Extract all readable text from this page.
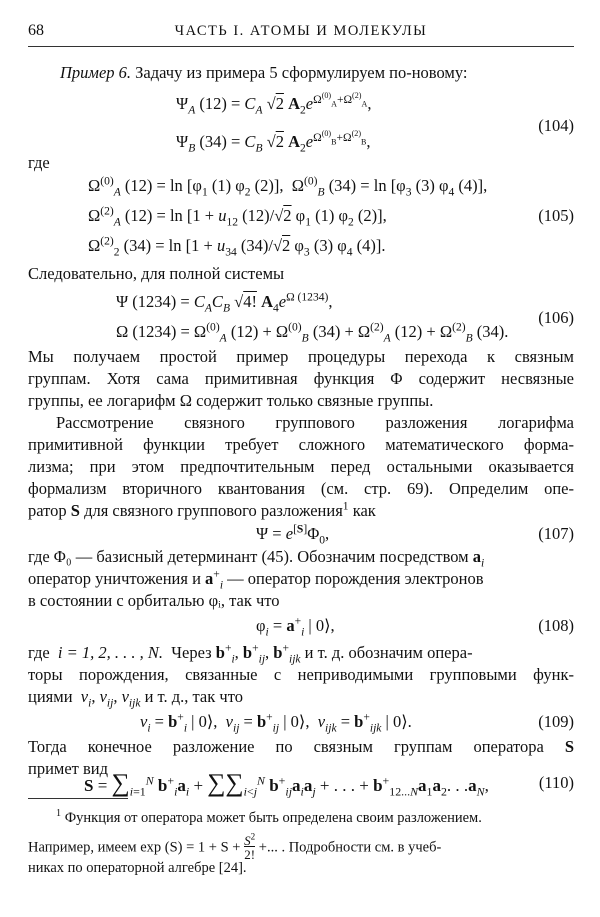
68	ЧАСТЬ I. АТОМЫ И МОЛЕКУЛЫ
Пример 6. Задачу из примера 5 сформулируем по-новому:
$\Psi_A$ $(12) = C_A$ √2 $A_2e^{\Omega^{(0)}_A+\Omega^{(2)}_A}$,
$\Psi_B$ $(34) = C_B$ √2 $A_2e^{\Omega^{(0)}_B+\Omega^{(2)}_B}$,
(104)
где
$\Omega^{(0)}_A$ $(12) = \ln [\varphi_1$ (1) $\varphi_2$ (2)],  $\Omega^{(0)}_B$ $(34) = \ln [\varphi_3$ (3) $\varphi_4$ (4)],
$\Omega^{(2)}_A$ $(12) = \ln [1 + u_{12}$ (12)/√2 $\varphi_1$ (1) $\varphi_2$ (2)],	(105)
$\Omega^{(2)}_2$ $(34) = \ln [1 + u_{34}$ (34)/√2 $\varphi_3$ (3) $\varphi_4$ (4)].
Следовательно, для полной системы
Ψ $(1234) = C_AC_B$ √4! $A_4e^{\Omega (1234)}$,
Ω $(1234) = \Omega^{(0)}_A$ $(12) + \Omega^{(0)}_B$ $(34) + \Omega^{(2)}_A$ $(12) + \Omega^{(2)}_B$ (34).
(106)
Мы получаем простой пример процедуры перехода к связным
группам. Хотя сама примитивная функция Φ содержит несвязные
группы, ее логарифм Ω содержит только связные группы.
Рассмотрение связного группового разложения логарифма
примитивной функции требует сложного математического форма-
лизма; при этом предпочтительным перед остальными оказывается
формализм вторичного квантования (см. стр. 69). Определим опе-
ратор S для связного группового разложения$^1$ как
$\Psi = e[S]\Phi_0$,	(107)
где Φ₀ — базисный детерминант (45). Обозначим посредством $a_i$
оператор уничтожения и $a^+_i$ — оператор порождения электронов
в состоянии с орбиталью φᵢ, так что
$\varphi_i = a^+_i$ | 0⟩,	(108)
где i = 1, 2, . . . , N. Через $b^+_i$, $b^+_{ij}$, $b^+_{ijk}$ и т. д. обозначим опера-
торы порождения, связанные с неприводимыми групповыми функ-
циями $v_i$, $v_{ij}$, $v_{ijk}$ и т. д., так что
$v_i = b^+_i$ | 0⟩,  $v_{ij} = b^+_{ij}$ | 0⟩,  $v_{ijk} = b^+_{ijk}$ | 0⟩.	(109)
Тогда конечное разложение по связным группам оператора S
примет вид
$S = \sum_{i=1}^N$ $b^+_ia_i + \sum\sum_{i<j}^N$ $b^+_{ij}a_ia_j$ + . . . + $b^+_{12...N}a_1a_2$. . $.a_N$,	(110)
$^1$ Функция от оператора может быть определена своим разложением.
Например, имеем $\exp (S) = 1 + S + S^2$
2! +... . Подробности см. в учеб-
никах по операторной алгебре [24].
